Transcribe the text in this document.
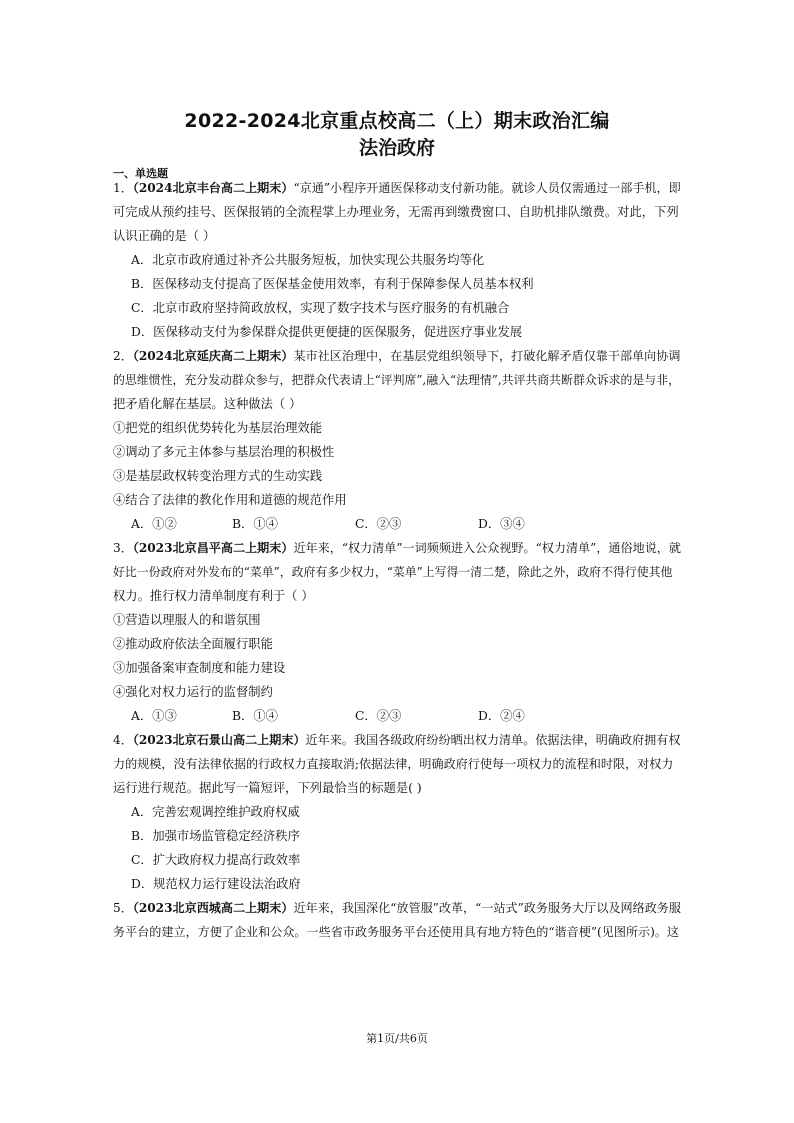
2022-2024北京重点校高二（上）期末政治汇编
法治政府
一、单选题
1．（2024北京丰台高二上期末）“京通”小程序开通医保移动支付新功能。就诊人员仅需通过一部手机，即
可完成从预约挂号、医保报销的全流程掌上办理业务，无需再到缴费窗口、自助机排队缴费。对此，下列
认识正确的是（ ）
A．北京市政府通过补齐公共服务短板，加快实现公共服务均等化
B．医保移动支付提高了医保基金使用效率，有利于保障参保人员基本权利
C．北京市政府坚持简政放权，实现了数字技术与医疗服务的有机融合
D．医保移动支付为参保群众提供更便捷的医保服务，促进医疗事业发展
2．（2024北京延庆高二上期末）某市社区治理中，在基层党组织领导下，打破化解矛盾仅靠干部单向协调
的思维惯性，充分发动群众参与，把群众代表请上“评判席”,融入“法理情”,共评共商共断群众诉求的是与非，
把矛盾化解在基层。这种做法（ ）
①把党的组织优势转化为基层治理效能
②调动了多元主体参与基层治理的积极性
③是基层政权转变治理方式的生动实践
④结合了法律的教化作用和道德的规范作用
A．①②	B．①④	C．②③	D．③④
3．（2023北京昌平高二上期末）近年来，“权力清单”一词频频进入公众视野。“权力清单”，通俗地说，就
好比一份政府对外发布的“菜单”，政府有多少权力，“菜单”上写得一清二楚，除此之外，政府不得行使其他
权力。推行权力清单制度有利于（ ）
①营造以理服人的和谐氛围
②推动政府依法全面履行职能
③加强备案审查制度和能力建设
④强化对权力运行的监督制约
A．①③	B．①④	C．②③	D．②④
4．（2023北京石景山高二上期末）近年来。我国各级政府纷纷晒出权力清单。依据法律，明确政府拥有权
力的规模，没有法律依据的行政权力直接取消;依据法律，明确政府行使每一项权力的流程和时限，对权力
运行进行规范。据此写一篇短评，下列最恰当的标题是( )
A．完善宏观调控维护政府权威
B．加强市场监管稳定经济秩序
C．扩大政府权力提高行政效率
D．规范权力运行建设法治政府
5．（2023北京西城高二上期末）近年来，我国深化“放管服”改革，“一站式”政务服务大厅以及网络政务服
务平台的建立，方便了企业和公众。一些省市政务服务平台还使用具有地方特色的“谐音梗”(见图所示)。这
第1页/共6页
